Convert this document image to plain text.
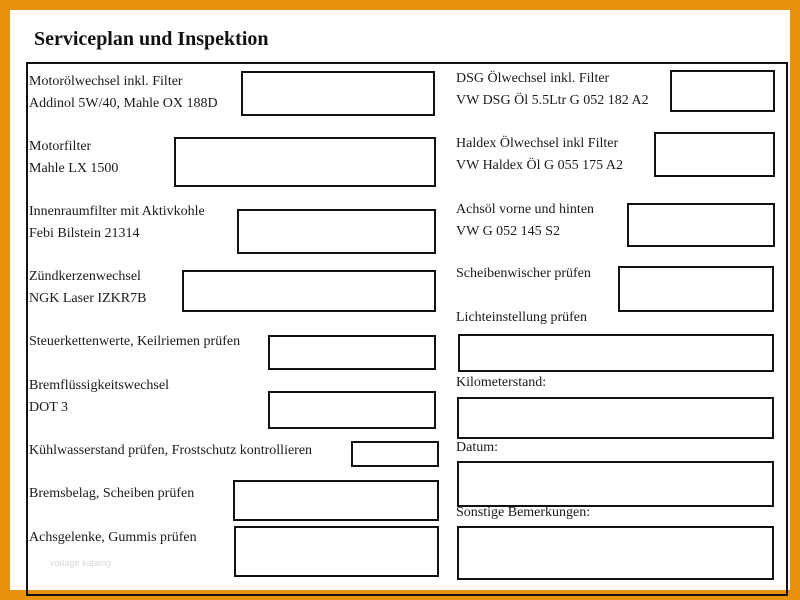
Serviceplan und Inspektion
Motorölwechsel inkl. Filter
Addinol 5W/40, Mahle OX 188D
Motorfilter
Mahle LX 1500
Innenraumfilter mit Aktivkohle
Febi Bilstein 21314
Zündkerzenwechsel
NGK Laser IZKR7B
Steuerkettenwerte, Keilriemen prüfen
Bremflüssigkeitswechsel
DOT 3
Kühlwasserstand prüfen, Frostschutz kontrollieren
Bremsbelag, Scheiben prüfen
Achsgelenke, Gummis prüfen
vorlage katalog
DSG Ölwechsel inkl. Filter
VW DSG Öl 5.5Ltr G 052 182 A2
Haldex Ölwechsel inkl Filter
VW Haldex Öl G 055 175 A2
Achsöl vorne und hinten
VW G 052 145 S2
Scheibenwischer prüfen
Lichteinstellung prüfen
Kilometerstand:
Datum:
Sonstige Bemerkungen:
